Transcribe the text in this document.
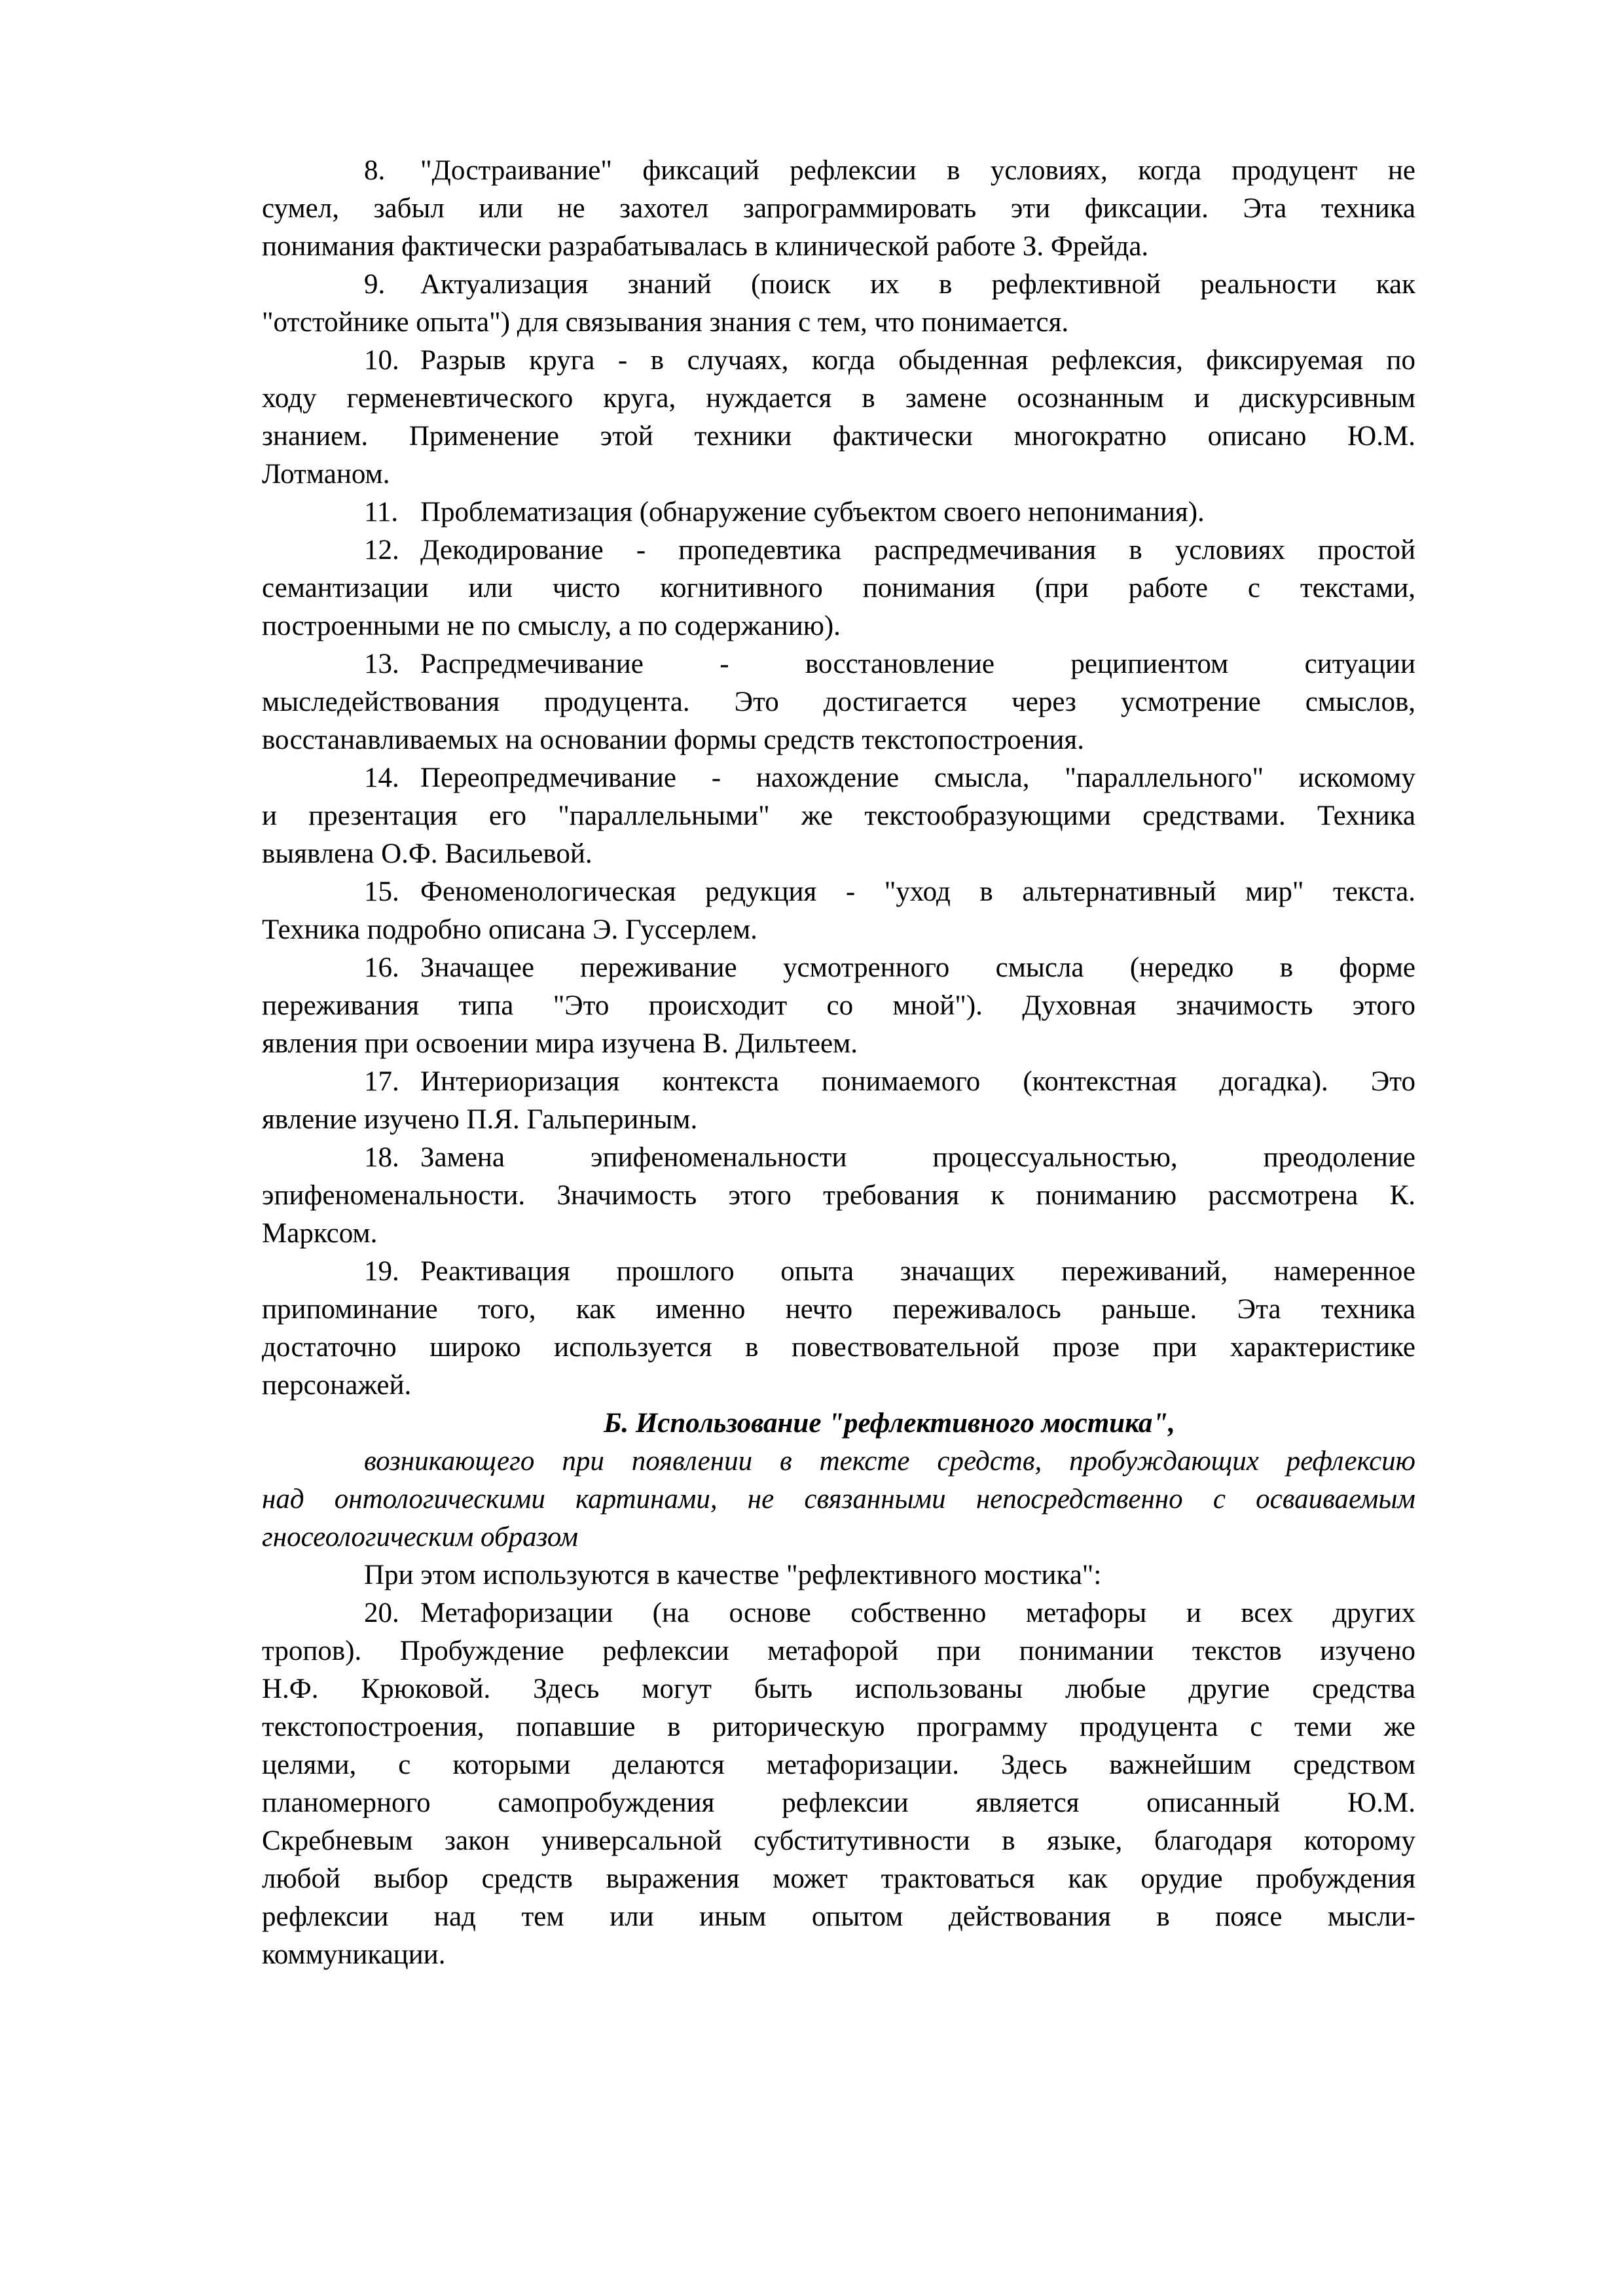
8. "Достраивание" фиксаций рефлексии в условиях, когда продуцент не
сумел, забыл или не захотел запрограммировать эти фиксации. Эта техника
понимания фактически разрабатывалась в клинической работе З. Фрейда.

9. Актуализация знаний (поиск их в рефлективной реальности как
"отстойнике опыта") для связывания знания с тем, что понимается.

10. Разрыв круга - в случаях, когда обыденная рефлексия, фиксируемая по
ходу герменевтического круга, нуждается в замене осознанным и дискурсивным
знанием. Применение этой техники фактически многократно описано Ю.М.
Лотманом.

11. Проблематизация (обнаружение субъектом своего непонимания).

12. Декодирование - пропедевтика распредмечивания в условиях простой
семантизации или чисто когнитивного понимания (при работе с текстами,
построенными не по смыслу, а по содержанию).

13. Распредмечивание - восстановление реципиентом ситуации
мыследействования продуцента. Это достигается через усмотрение смыслов,
восстанавливаемых на основании формы средств текстопостроения.

14. Переопредмечивание - нахождение смысла, "параллельного" искомому
и презентация его "параллельными" же текстообразующими средствами. Техника
выявлена О.Ф. Васильевой.

15. Феноменологическая редукция - "уход в альтернативный мир" текста.
Техника подробно описана Э. Гуссерлем.

16. Значащее переживание усмотренного смысла (нередко в форме
переживания типа "Это происходит со мной"). Духовная значимость этого
явления при освоении мира изучена В. Дильтеем.

17. Интериоризация контекста понимаемого (контекстная догадка). Это
явление изучено П.Я. Гальпериным.

18. Замена эпифеноменальности процессуальностью, преодоление
эпифеноменальности. Значимость этого требования к пониманию рассмотрена К.
Марксом.

19. Реактивация прошлого опыта значащих переживаний, намеренное
припоминание того, как именно нечто переживалось раньше. Эта техника
достаточно широко используется в повествовательной прозе при характеристике
персонажей.

Б. Использование "рефлективного мостика",

возникающего при появлении в тексте средств, пробуждающих рефлексию
над онтологическими картинами, не связанными непосредственно с осваиваемым
гносеологическим образом

При этом используются в качестве "рефлективного мостика":

20. Метафоризации (на основе собственно метафоры и всех других
тропов). Пробуждение рефлексии метафорой при понимании текстов изучено
Н.Ф. Крюковой. Здесь могут быть использованы любые другие средства
текстопостроения, попавшие в риторическую программу продуцента с теми же
целями, с которыми делаются метафоризации. Здесь важнейшим средством
планомерного самопробуждения рефлексии является описанный Ю.М.
Скребневым закон универсальной субститутивности в языке, благодаря которому
любой выбор средств выражения может трактоваться как орудие пробуждения
рефлексии над тем или иным опытом действования в поясе мысли-
коммуникации.
